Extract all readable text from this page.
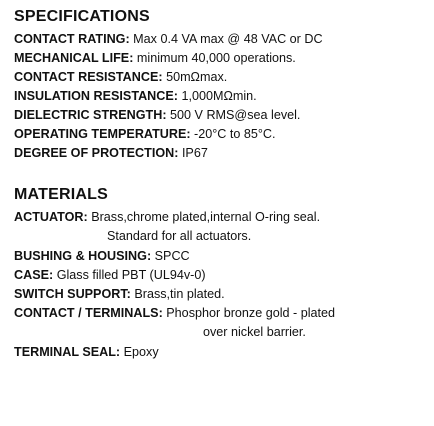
SPECIFICATIONS
CONTACT RATING: Max 0.4 VA max @ 48 VAC or DC
MECHANICAL LIFE: minimum 40,000 operations.
CONTACT RESISTANCE: 50mΩmax.
INSULATION RESISTANCE: 1,000MΩmin.
DIELECTRIC STRENGTH: 500 V RMS@sea level.
OPERATING TEMPERATURE: -20°C to 85°C.
DEGREE OF PROTECTION: IP67
MATERIALS
ACTUATOR: Brass,chrome plated,internal O-ring seal.
Standard for all actuators.
BUSHING & HOUSING: SPCC
CASE: Glass filled PBT (UL94v-0)
SWITCH SUPPORT: Brass,tin plated.
CONTACT / TERMINALS: Phosphor bronze gold - plated
over nickel barrier.
TERMINAL SEAL: Epoxy
